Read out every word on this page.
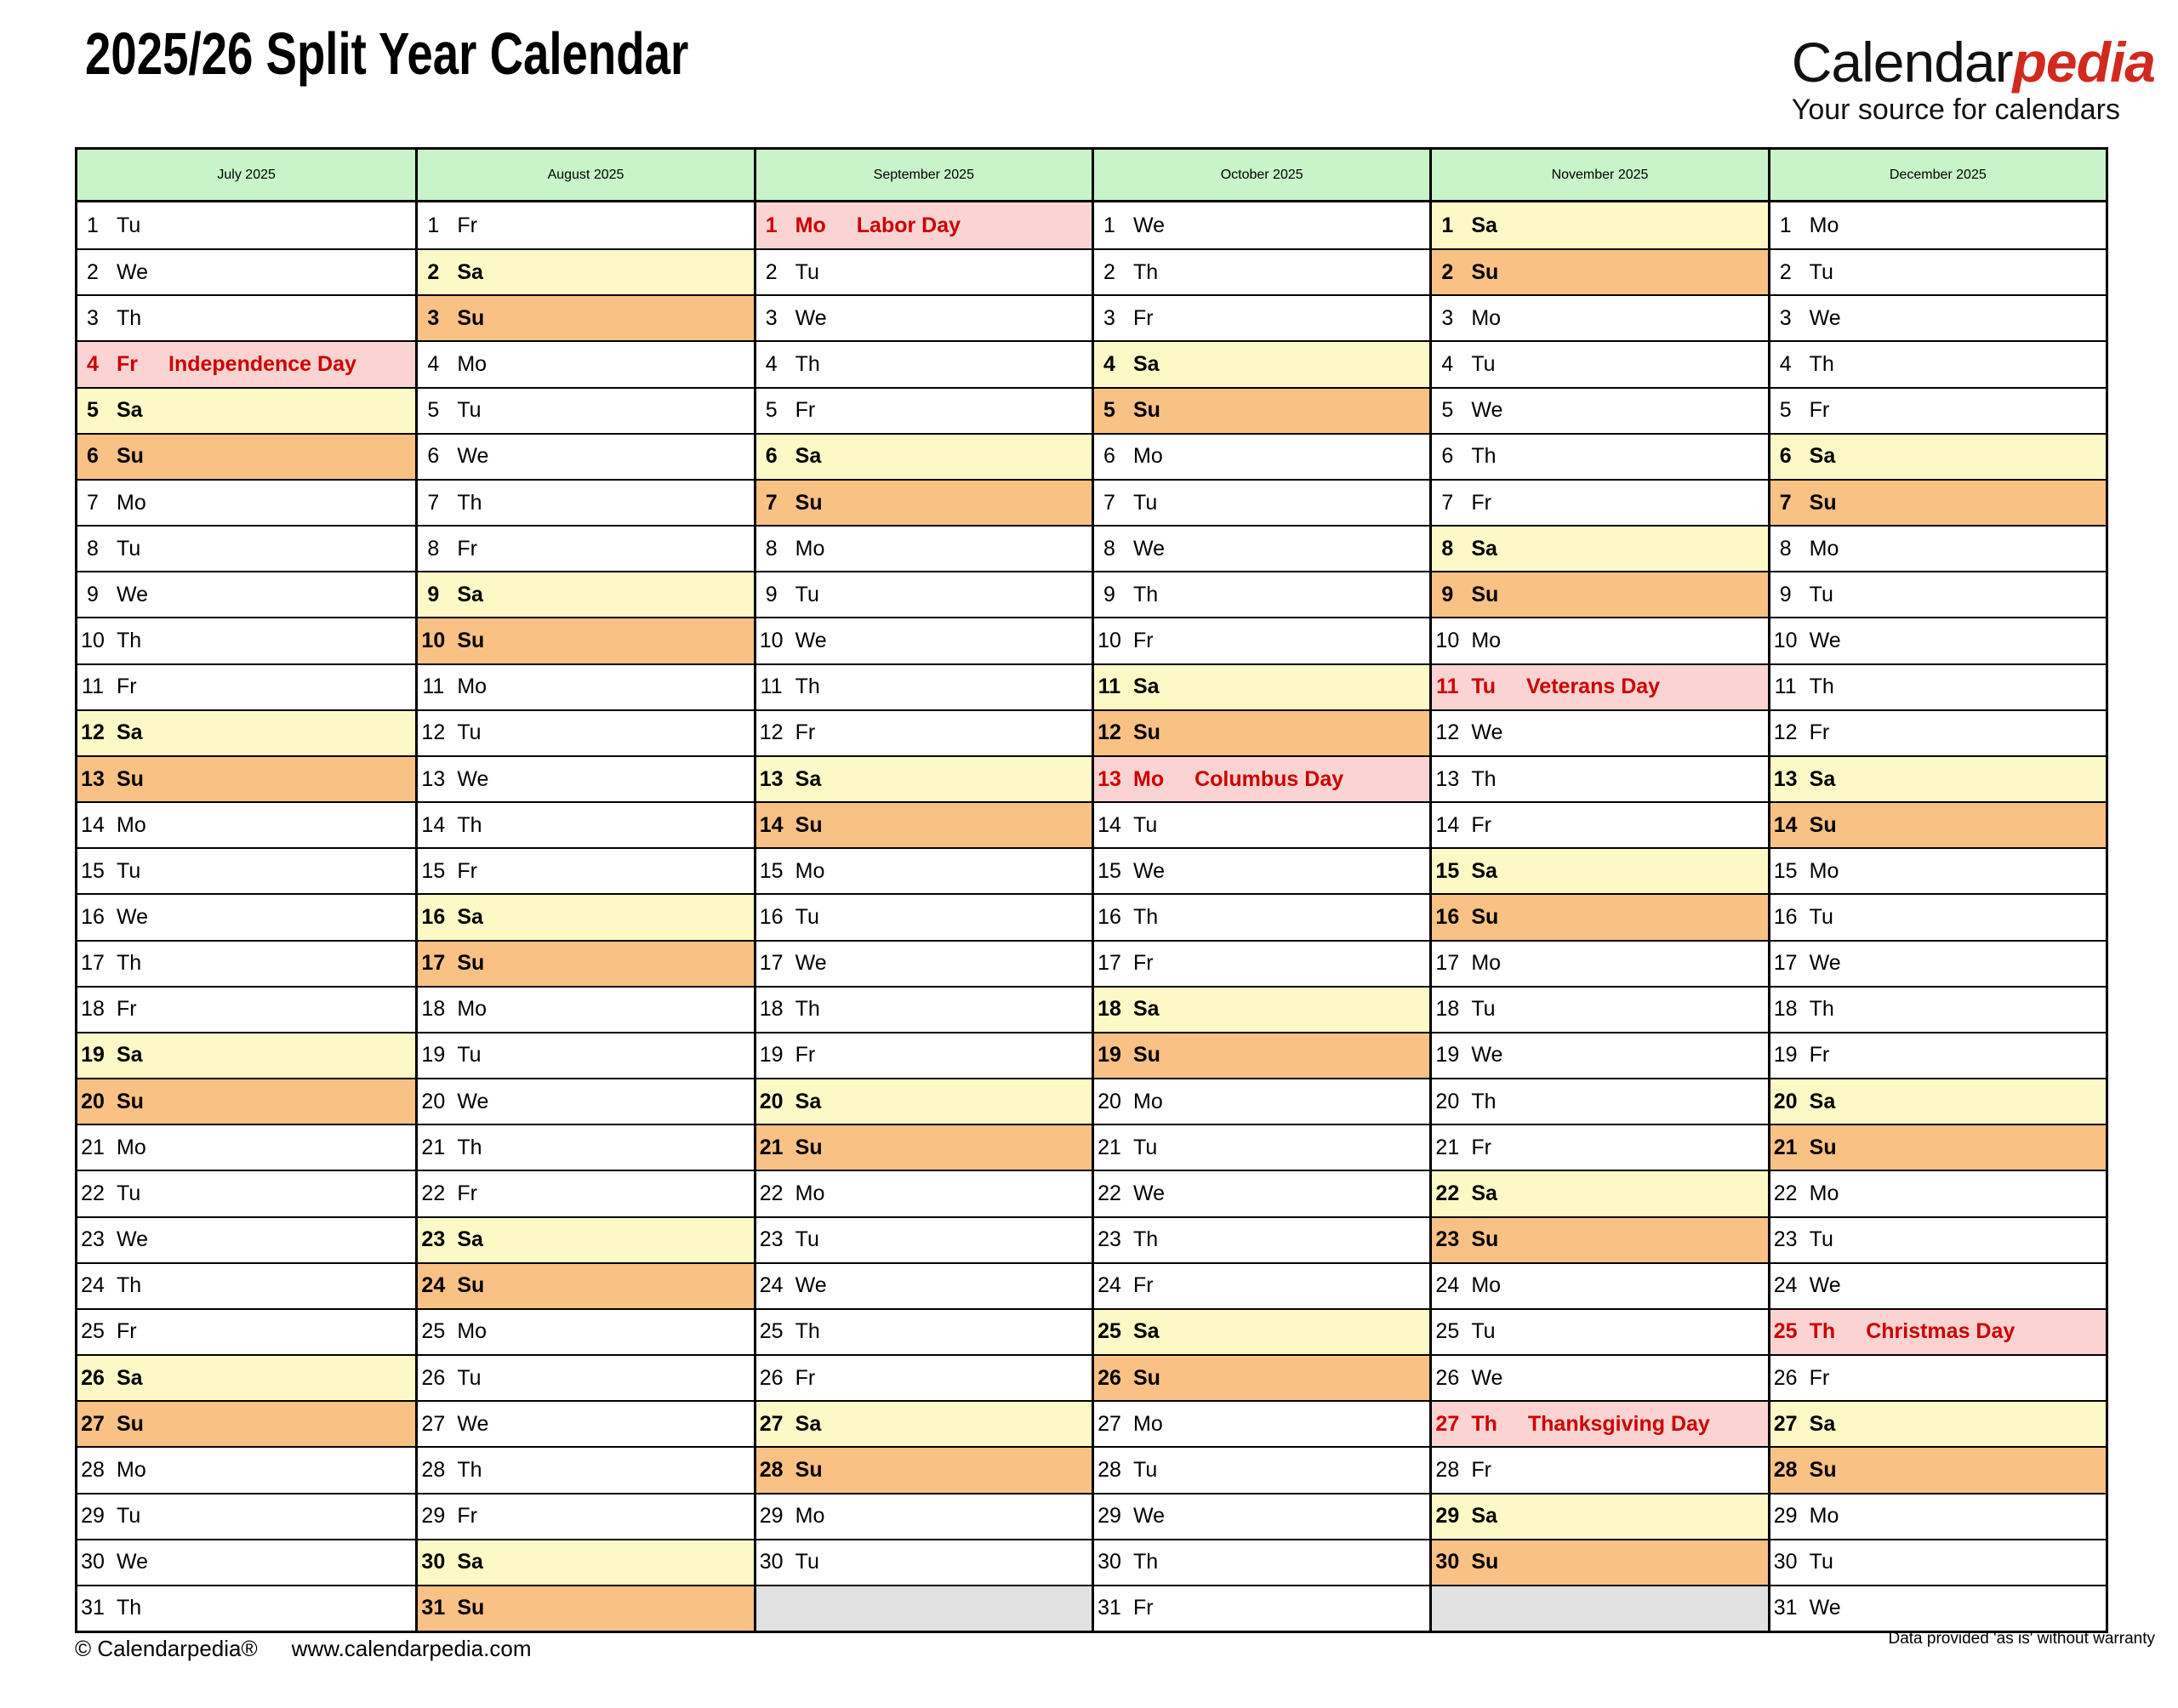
2025/26 Split Year Calendar	Calendarpedia
Your source for calendars
July 2025
1 Tu
2 We
3 Th
4 Fr Independence Day
5 Sa
6 Su
7 Mo
8 Tu
9 We
10 Th
11 Fr
12 Sa
13 Su
14 Mo
15 Tu
16 We
17 Th
18 Fr
19 Sa
20 Su
21 Mo
22 Tu
23 We
24 Th
25 Fr
26 Sa
27 Su
28 Mo
29 Tu
30 We
31 Th
August 2025
1 Fr
2 Sa
3 Su
4 Mo
5 Tu
6 We
7 Th
8 Fr
9 Sa
10 Su
11 Mo
12 Tu
13 We
14 Th
15 Fr
16 Sa
17 Su
18 Mo
19 Tu
20 We
21 Th
22 Fr
23 Sa
24 Su
25 Mo
26 Tu
27 We
28 Th
29 Fr
30 Sa
31 Su
September 2025
1 Mo Labor Day
2 Tu
3 We
4 Th
5 Fr
6 Sa
7 Su
8 Mo
9 Tu
10 We
11 Th
12 Fr
13 Sa
14 Su
15 Mo
16 Tu
17 We
18 Th
19 Fr
20 Sa
21 Su
22 Mo
23 Tu
24 We
25 Th
26 Fr
27 Sa
28 Su
29 Mo
30 Tu
October 2025
1 We
2 Th
3 Fr
4 Sa
5 Su
6 Mo
7 Tu
8 We
9 Th
10 Fr
11 Sa
12 Su
13 Mo Columbus Day
14 Tu
15 We
16 Th
17 Fr
18 Sa
19 Su
20 Mo
21 Tu
22 We
23 Th
24 Fr
25 Sa
26 Su
27 Mo
28 Tu
29 We
30 Th
31 Fr
November 2025
1 Sa
2 Su
3 Mo
4 Tu
5 We
6 Th
7 Fr
8 Sa
9 Su
10 Mo
11 Tu Veterans Day
12 We
13 Th
14 Fr
15 Sa
16 Su
17 Mo
18 Tu
19 We
20 Th
21 Fr
22 Sa
23 Su
24 Mo
25 Tu
26 We
27 Th Thanksgiving Day
28 Fr
29 Sa
30 Su
December 2025
1 Mo
2 Tu
3 We
4 Th
5 Fr
6 Sa
7 Su
8 Mo
9 Tu
10 We
11 Th
12 Fr
13 Sa
14 Su
15 Mo
16 Tu
17 We
18 Th
19 Fr
20 Sa
21 Su
22 Mo
23 Tu
24 We
25 Th Christmas Day
26 Fr
27 Sa
28 Su
29 Mo
30 Tu
31 We
© Calendarpedia® www.calendarpedia.com	Data provided 'as is' without warranty
